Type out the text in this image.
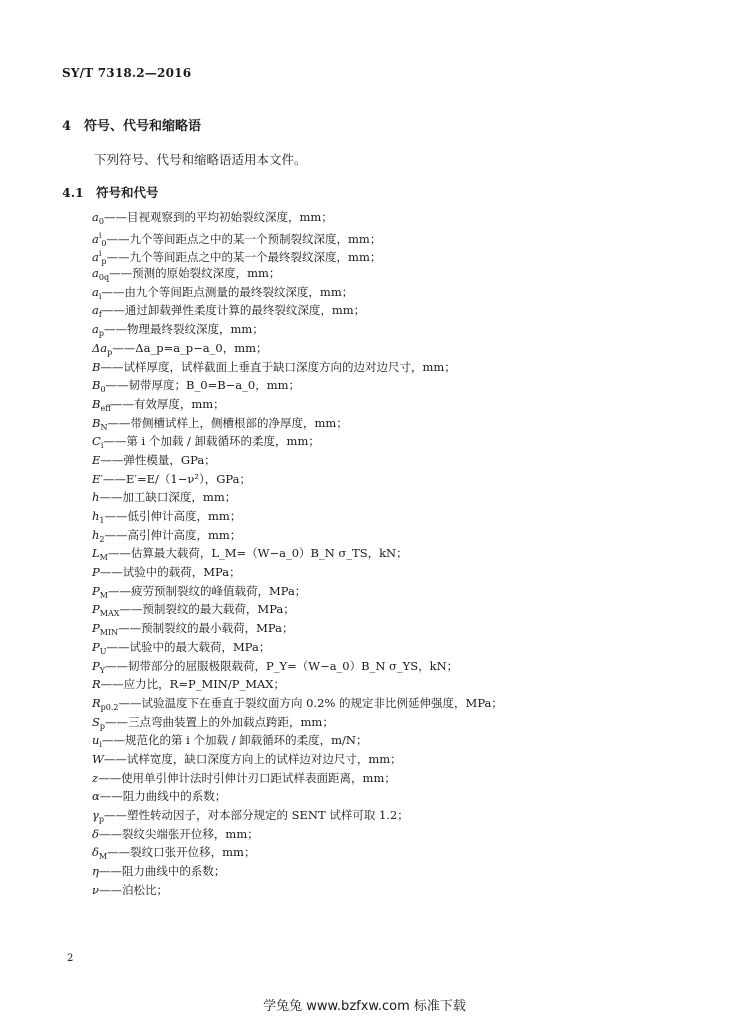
SY/T 7318.2—2016
4 符号、代号和缩略语
下列符号、代号和缩略语适用本文件。
4.1 符号和代号
$a_0——$目视观察到的平均初始裂纹深度，mm；
$a^i_0——$九个等间距点之中的某一个预制裂纹深度，mm；
$a^i_p——$九个等间距点之中的某一个最终裂纹深度，mm；
$a_{0q}——$预测的原始裂纹深度，mm；
$a_i——$由九个等间距点测量的最终裂纹深度，mm；
$a_f——$通过卸载弹性柔度计算的最终裂纹深度，mm；
$a_p——$物理最终裂纹深度，mm；
$\Delta a_p——\Delta a\_p=a\_p-a\_0$，mm；
B——试样厚度，试样截面上垂直于缺口深度方向的边对边尺寸，mm；
$B_0——$韧带厚度；B_0=B−a_0，mm；
$B_{eff}——$有效厚度，mm；
$B_N——$带侧槽试样上，侧槽根部的净厚度，mm；
$C_i——$第 i 个加载 / 卸载循环的柔度，mm；
E——弹性模量，GPa；
E′——E′=E/（1−ν²），GPa；
h——加工缺口深度，mm；
$h_1——$低引伸计高度，mm；
$h_2——$高引伸计高度，mm；
$L_M——$估算最大载荷，L_M=（W−a_0）B_N σ_TS，kN；
P——试验中的载荷，MPa；
$P_M——$疲劳预制裂纹的峰值载荷，MPa；
$P_{MAX}——$预制裂纹的最大载荷，MPa；
$P_{MIN}——$预制裂纹的最小载荷，MPa；
$P_U——$试验中的最大载荷，MPa；
$P_Y——$韧带部分的屈服极限载荷，P_Y=（W−a_0）B_N σ_YS，kN；
R——应力比，R=P_MIN/P_MAX；
$R_{p0.2}——$试验温度下在垂直于裂纹面方向 0.2% 的规定非比例延伸强度，MPa；
$S_p——$三点弯曲装置上的外加载点跨距，mm；
$u_i——$规范化的第 i 个加载 / 卸载循环的柔度，m/N；
W——试样宽度，缺口深度方向上的试样边对边尺寸，mm；
z——使用单引伸计法时引伸计刃口距试样表面距离，mm；
α——阻力曲线中的系数；
$\gamma_p——$塑性转动因子，对本部分规定的 SENT 试样可取 1.2；
δ——裂纹尖端张开位移，mm；
$\delta_M——$裂纹口张开位移，mm；
η——阻力曲线中的系数；
ν——泊松比；
2
学兔兔 www.bzfxw.com 标准下载
